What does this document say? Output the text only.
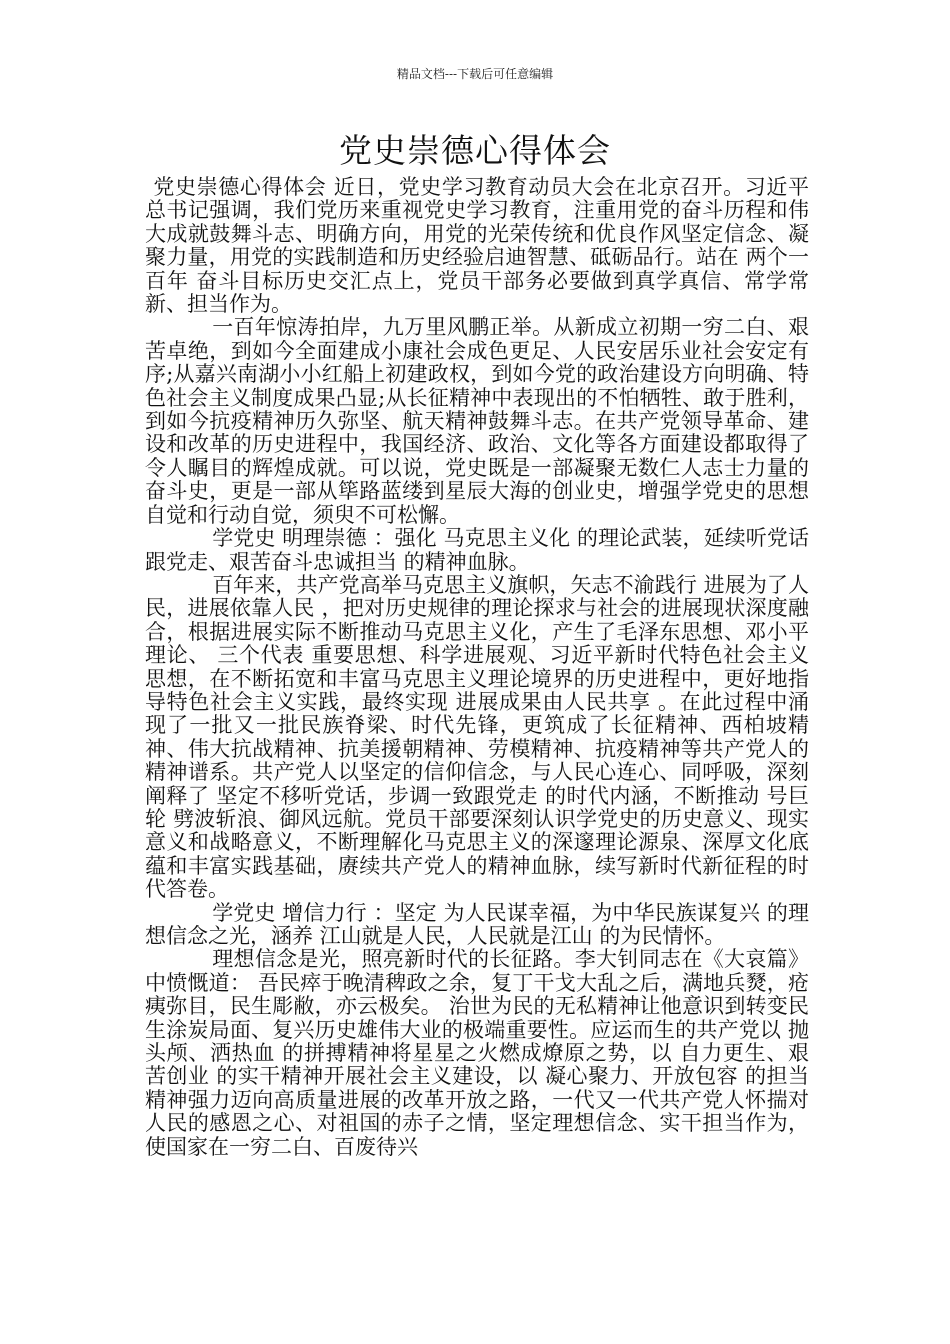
精品文档---下载后可任意编辑
党史崇德心得体会

党史崇德心得体会 近日，党史学习教育动员大会在北京召开。习近平总书记强调，我们党历来重视党史学习教育，注重用党的奋斗历程和伟大成就鼓舞斗志、明确方向，用党的光荣传统和优良作风坚定信念、凝聚力量，用党的实践制造和历史经验启迪智慧、砥砺品行。站在 两个一百年 奋斗目标历史交汇点上，党员干部务必要做到真学真信、常学常新、担当作为。

一百年惊涛拍岸，九万里风鹏正举。从新成立初期一穷二白、艰苦卓绝，到如今全面建成小康社会成色更足、人民安居乐业社会安定有序;从嘉兴南湖小小红船上初建政权，到如今党的政治建设方向明确、特色社会主义制度成果凸显;从长征精神中表现出的不怕牺牲、敢于胜利，到如今抗疫精神历久弥坚、航天精神鼓舞斗志。在共产党领导革命、建设和改革的历史进程中，我国经济、政治、文化等各方面建设都取得了令人瞩目的辉煌成就。可以说，党史既是一部凝聚无数仁人志士力量的奋斗史，更是一部从筚路蓝缕到星辰大海的创业史，增强学党史的思想自觉和行动自觉，须臾不可松懈。

学党史 明理崇德 ：强化 马克思主义化 的理论武装，延续听党话跟党走、艰苦奋斗忠诚担当 的精神血脉。

百年来，共产党高举马克思主义旗帜，矢志不渝践行 进展为了人民，进展依靠人民 ，把对历史规律的理论探求与社会的进展现状深度融合，根据进展实际不断推动马克思主义化，产生了毛泽东思想、邓小平理论、 三个代表 重要思想、科学进展观、习近平新时代特色社会主义思想，在不断拓宽和丰富马克思主义理论境界的历史进程中，更好地指导特色社会主义实践，最终实现 进展成果由人民共享 。在此过程中涌现了一批又一批民族脊梁、时代先锋，更筑成了长征精神、西柏坡精神、伟大抗战精神、抗美援朝精神、劳模精神、抗疫精神等共产党人的精神谱系。共产党人以坚定的信仰信念，与人民心连心、同呼吸，深刻阐释了 坚定不移听党话，步调一致跟党走 的时代内涵，不断推动 号巨轮 劈波斩浪、御风远航。党员干部要深刻认识学党史的历史意义、现实意义和战略意义，不断理解化马克思主义的深邃理论源泉、深厚文化底蕴和丰富实践基础，赓续共产党人的精神血脉，续写新时代新征程的时代答卷。

学党史 增信力行 ：坚定 为人民谋幸福，为中华民族谋复兴 的理想信念之光，涵养 江山就是人民，人民就是江山 的为民情怀。

理想信念是光，照亮新时代的长征路。李大钊同志在《大哀篇》中愤慨道： 吾民瘁于晚清稗政之余，复丁干戈大乱之后，满地兵燹，疮痍弥目，民生彫敝，亦云极矣。 治世为民的无私精神让他意识到转变民生涂炭局面、复兴历史雄伟大业的极端重要性。应运而生的共产党以 抛头颅、洒热血 的拼搏精神将星星之火燃成燎原之势，以 自力更生、艰苦创业 的实干精神开展社会主义建设，以 凝心聚力、开放包容 的担当精神强力迈向高质量进展的改革开放之路，一代又一代共产党人怀揣对人民的感恩之心、对祖国的赤子之情，坚定理想信念、实干担当作为，使国家在一穷二白、百废待兴
